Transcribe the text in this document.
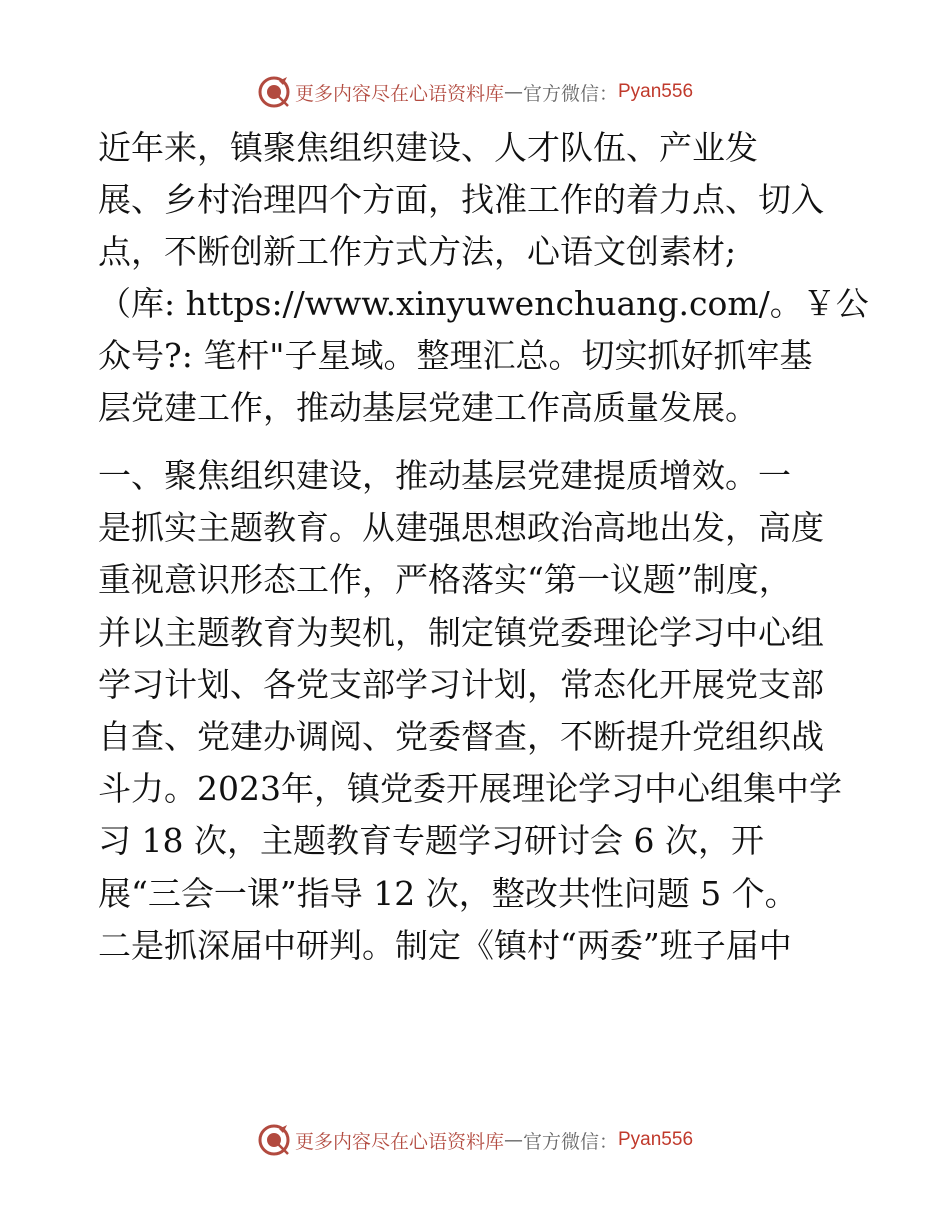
更多内容尽在心语资料库 — 官方微信： Pyan556

近年来，镇聚焦组织建设、人才队伍、产业发
展、乡村治理四个方面，找准工作的着力点、切入
点，不断创新工作方式方法，心语文创素材;
（库: https://www.xinyuwenchuang.com/。￥公
众号?: 笔杆"子星域。整理汇总。切实抓好抓牢基
层党建工作，推动基层党建工作高质量发展。

一、聚焦组织建设，推动基层党建提质增效。一
是抓实主题教育。从建强思想政治高地出发，高度
重视意识形态工作，严格落实“第一议题”制度，
并以主题教育为契机，制定镇党委理论学习中心组
学习计划、各党支部学习计划，常态化开展党支部
自查、党建办调阅、党委督查，不断提升党组织战
斗力。2023年，镇党委开展理论学习中心组集中学
习 18 次，主题教育专题学习研讨会 6 次，开
展“三会一课”指导 12 次，整改共性问题 5 个。
二是抓深届中研判。制定《镇村“两委”班子届中

更多内容尽在心语资料库 — 官方微信： Pyan556
